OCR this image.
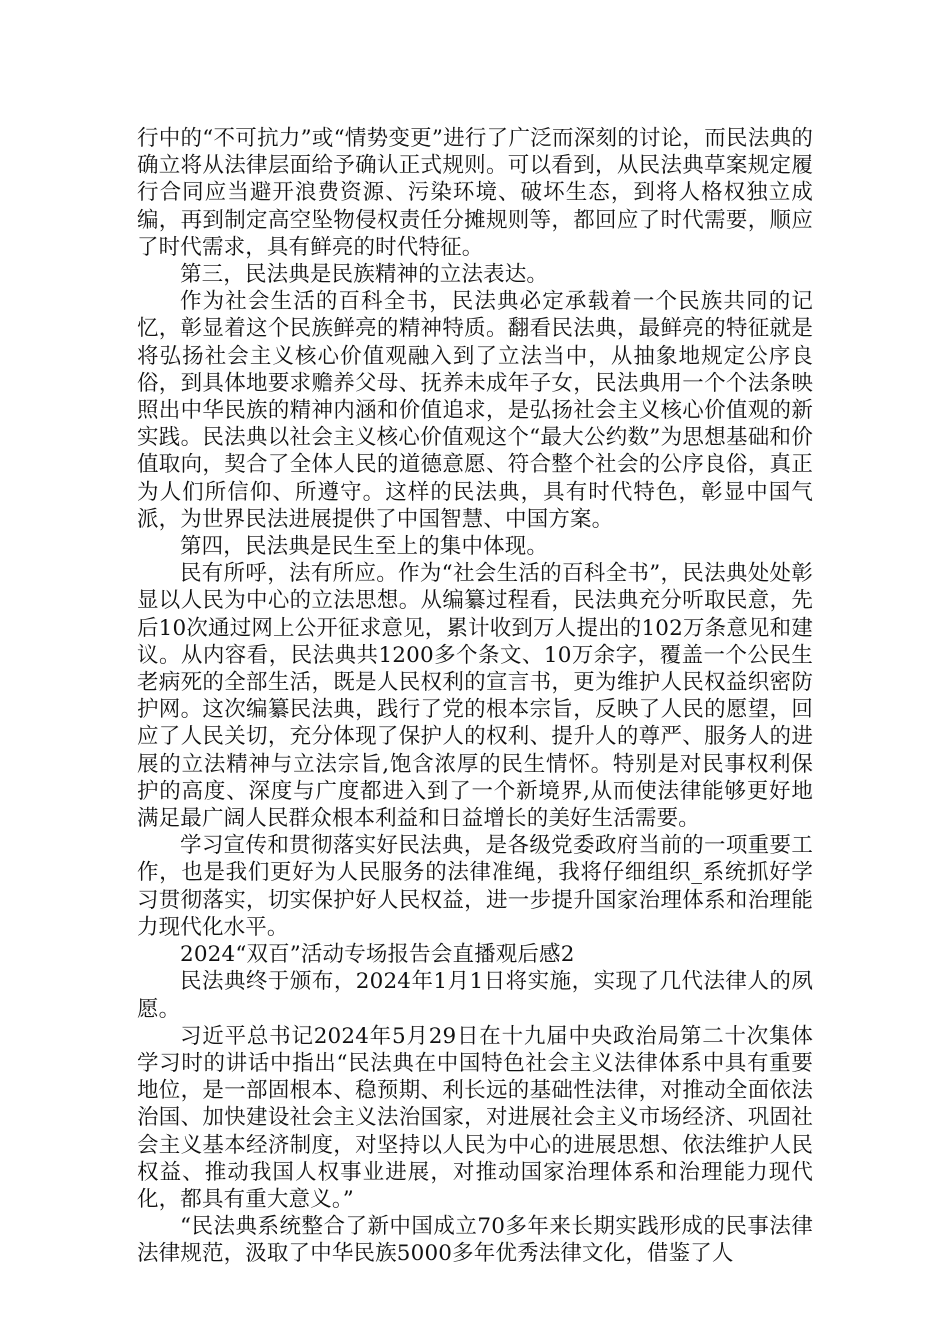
行中的“不可抗力”或“情势变更”进行了广泛而深刻的讨论，而民法典的确立将从法律层面给予确认正式规则。可以看到，从民法典草案规定履行合同应当避开浪费资源、污染环境、破坏生态，到将人格权独立成编，再到制定高空坠物侵权责任分摊规则等，都回应了时代需要，顺应了时代需求，具有鲜亮的时代特征。

第三，民法典是民族精神的立法表达。

作为社会生活的百科全书，民法典必定承载着一个民族共同的记忆，彰显着这个民族鲜亮的精神特质。翻看民法典，最鲜亮的特征就是将弘扬社会主义核心价值观融入到了立法当中，从抽象地规定公序良俗，到具体地要求赡养父母、抚养未成年子女，民法典用一个个法条映照出中华民族的精神内涵和价值追求，是弘扬社会主义核心价值观的新实践。民法典以社会主义核心价值观这个“最大公约数”为思想基础和价值取向，契合了全体人民的道德意愿、符合整个社会的公序良俗，真正为人们所信仰、所遵守。这样的民法典，具有时代特色，彰显中国气派，为世界民法进展提供了中国智慧、中国方案。

第四，民法典是民生至上的集中体现。

民有所呼，法有所应。作为“社会生活的百科全书”，民法典处处彰显以人民为中心的立法思想。从编纂过程看，民法典充分听取民意，先后10次通过网上公开征求意见，累计收到万人提出的102万条意见和建议。从内容看，民法典共1200多个条文、10万余字，覆盖一个公民生老病死的全部生活，既是人民权利的宣言书，更为维护人民权益织密防护网。这次编纂民法典，践行了党的根本宗旨，反映了人民的愿望，回应了人民关切，充分体现了保护人的权利、提升人的尊严、服务人的进展的立法精神与立法宗旨,饱含浓厚的民生情怀。特别是对民事权利保护的高度、深度与广度都进入到了一个新境界,从而使法律能够更好地满足最广阔人民群众根本利益和日益增长的美好生活需要。

学习宣传和贯彻落实好民法典，是各级党委政府当前的一项重要工作，也是我们更好为人民服务的法律准绳，我将仔细组织_系统抓好学习贯彻落实，切实保护好人民权益，进一步提升国家治理体系和治理能力现代化水平。

2024“双百”活动专场报告会直播观后感2

民法典终于颁布，2024年1月1日将实施，实现了几代法律人的夙愿。

习近平总书记2024年5月29日在十九届中央政治局第二十次集体学习时的讲话中指出“民法典在中国特色社会主义法律体系中具有重要地位，是一部固根本、稳预期、利长远的基础性法律，对推动全面依法治国、加快建设社会主义法治国家，对进展社会主义市场经济、巩固社会主义基本经济制度，对坚持以人民为中心的进展思想、依法维护人民权益、推动我国人权事业进展，对推动国家治理体系和治理能力现代化，都具有重大意义。”

“民法典系统整合了新中国成立70多年来长期实践形成的民事法律法律规范，汲取了中华民族5000多年优秀法律文化，借鉴了人
